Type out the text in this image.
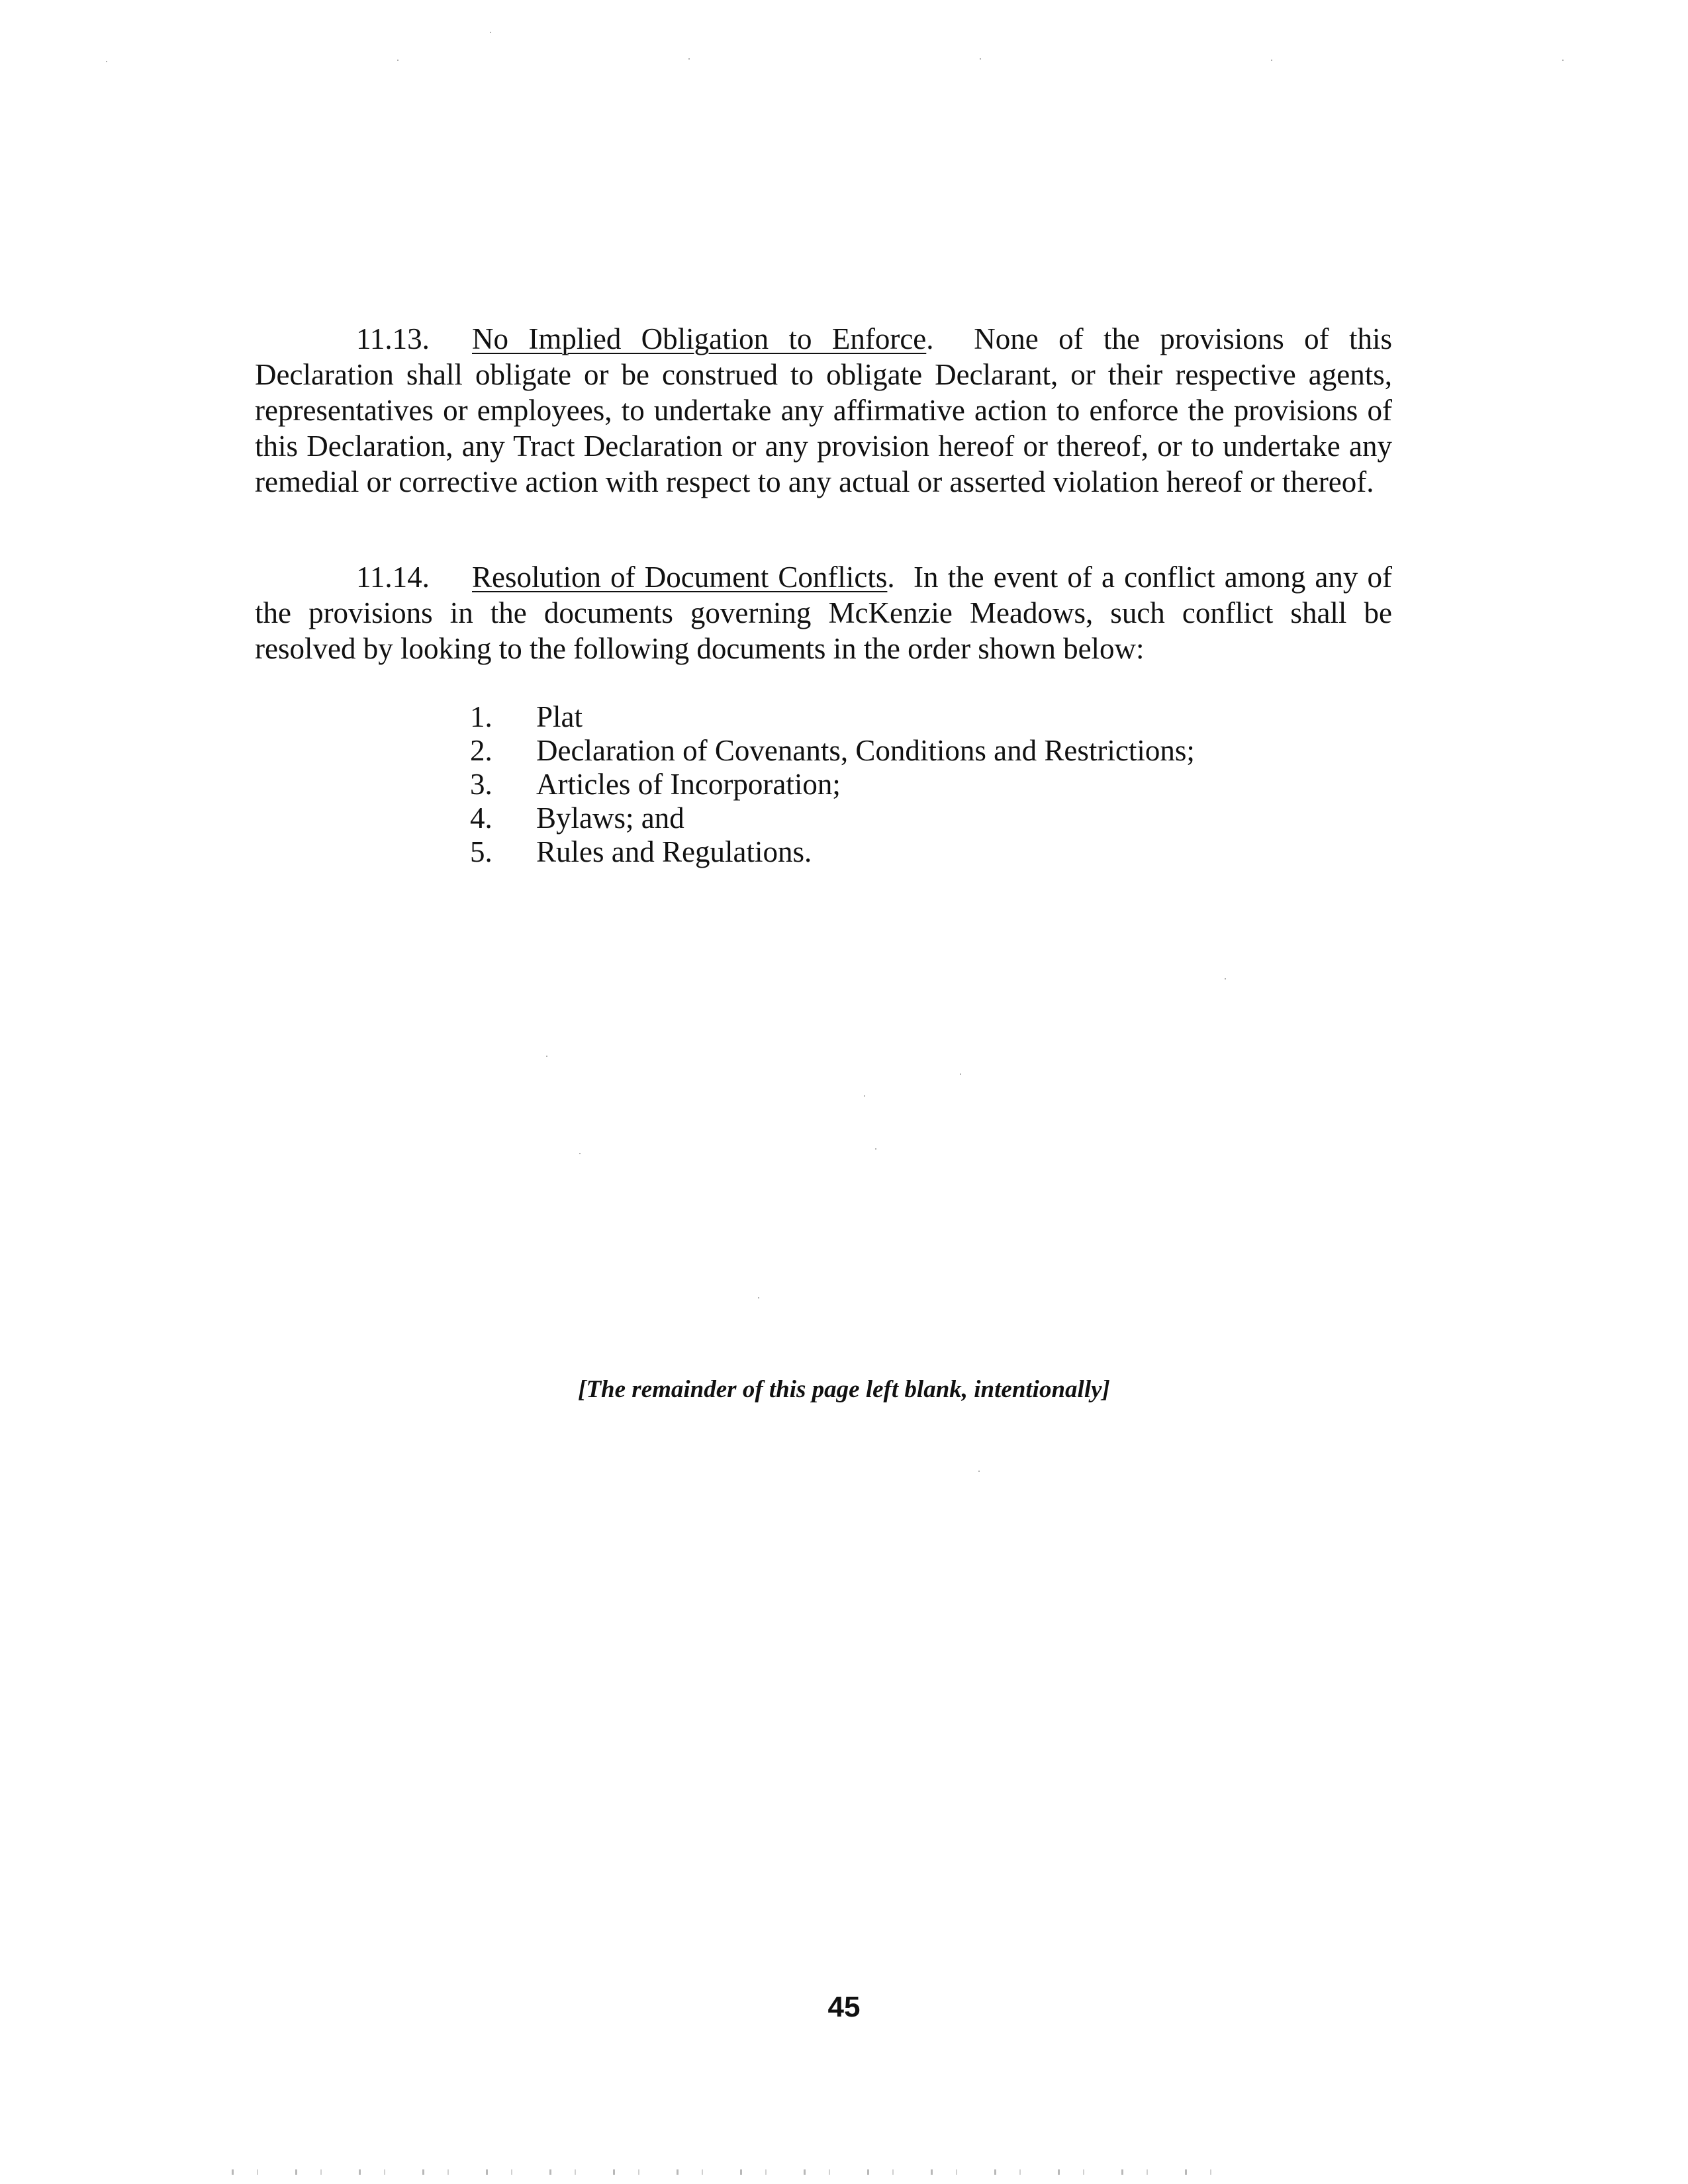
11.13. No Implied Obligation to Enforce.  None of the provisions of this Declaration shall obligate or be construed to obligate Declarant, or their respective agents, representatives or employees, to undertake any affirmative action to enforce the provisions of this Declaration, any Tract Declaration or any provision hereof or thereof, or to undertake any remedial or corrective action with respect to any actual or asserted violation hereof or thereof.

11.14. Resolution of Document Conflicts.  In the event of a conflict among any of the provisions in the documents governing McKenzie Meadows, such conflict shall be resolved by looking to the following documents in the order shown below:

1.	Plat
2.	Declaration of Covenants, Conditions and Restrictions;
3.	Articles of Incorporation;
4.	Bylaws; and
5.	Rules and Regulations.
[The remainder of this page left blank, intentionally]
45
